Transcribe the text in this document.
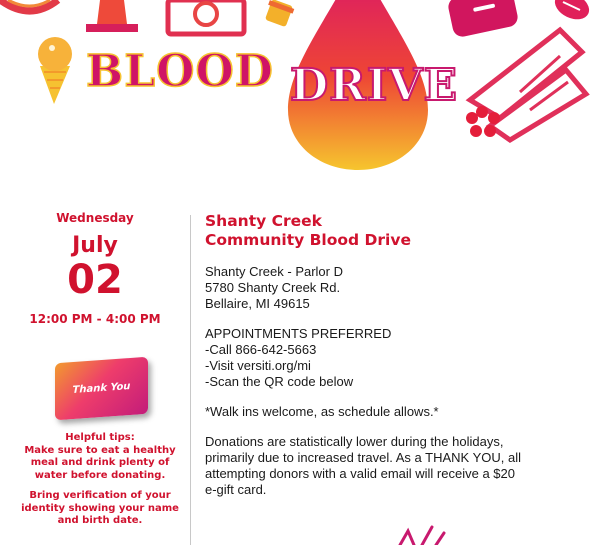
BLOOD DRIVE
Wednesday
July
02
12:00 PM - 4:00 PM
Thank You

Helpful tips:
Make sure to eat a healthy
meal and drink plenty of
water before donating.

Bring verification of your
identity showing your name
and birth date.

Shanty Creek
Community Blood Drive
Shanty Creek - Parlor D
5780 Shanty Creek Rd.
Bellaire, MI 49615
APPOINTMENTS PREFERRED
-Call 866-642-5663
-Visit versiti.org/mi
-Scan the QR code below
*Walk ins welcome, as schedule allows.*
Donations are statistically lower during the holidays,
primarily due to increased travel. As a THANK YOU, all
attempting donors with a valid email will receive a $20
e-gift card.
